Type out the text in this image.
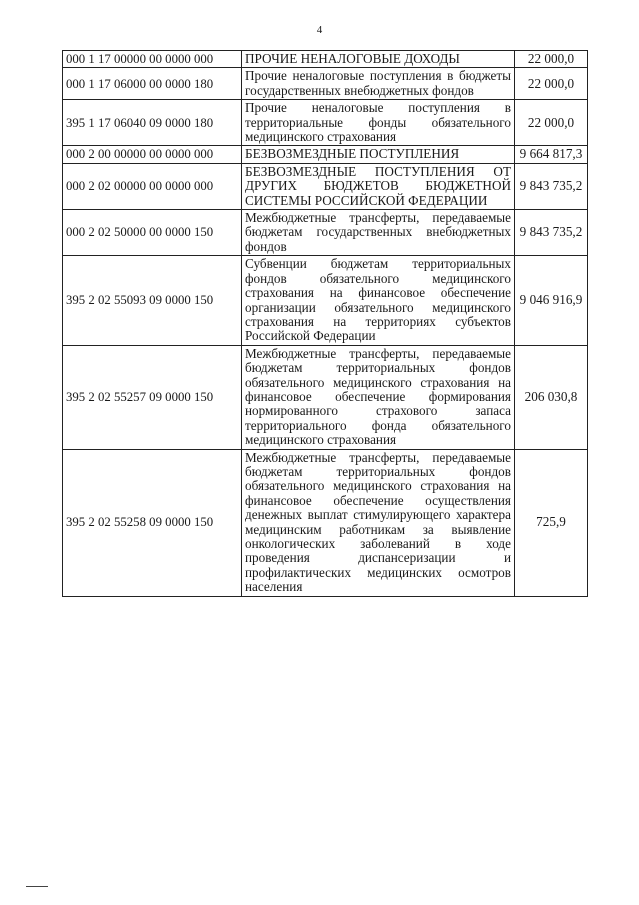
4
000 1 17 00000 00 0000 000	ПРОЧИЕ НЕНАЛОГОВЫЕ ДОХОДЫ	22 000,0
000 1 17 06000 00 0000 180	Прочие неналоговые поступления в бюджеты государственных внебюджетных фондов	22 000,0
395 1 17 06040 09 0000 180	Прочие неналоговые поступления в территориальные фонды обязательного медицинского страхования	22 000,0
000 2 00 00000 00 0000 000	БЕЗВОЗМЕЗДНЫЕ ПОСТУПЛЕНИЯ	9 664 817,3
000 2 02 00000 00 0000 000	БЕЗВОЗМЕЗДНЫЕ ПОСТУПЛЕНИЯ ОТ ДРУГИХ БЮДЖЕТОВ БЮДЖЕТНОЙ СИСТЕМЫ РОССИЙСКОЙ ФЕДЕРАЦИИ	9 843 735,2
000 2 02 50000 00 0000 150	Межбюджетные трансферты, передаваемые бюджетам государственных внебюджетных фондов	9 843 735,2
395 2 02 55093 09 0000 150	Субвенции бюджетам территориальных фондов обязательного медицинского страхования на финансовое обеспечение организации обязательного медицинского страхования на территориях субъектов Российской Федерации	9 046 916,9
395 2 02 55257 09 0000 150	Межбюджетные трансферты, передаваемые бюджетам территориальных фондов обязательного медицинского страхования на финансовое обеспечение формирования нормированного страхового запаса территориального фонда обязательного медицинского страхования	206 030,8
395 2 02 55258 09 0000 150	Межбюджетные трансферты, передаваемые бюджетам территориальных фондов обязательного медицинского страхования на финансовое обеспечение осуществления денежных выплат стимулирующего характера медицинским работникам за выявление онкологических заболеваний в ходе проведения диспансеризации и профилактических медицинских осмотров населения	725,9
